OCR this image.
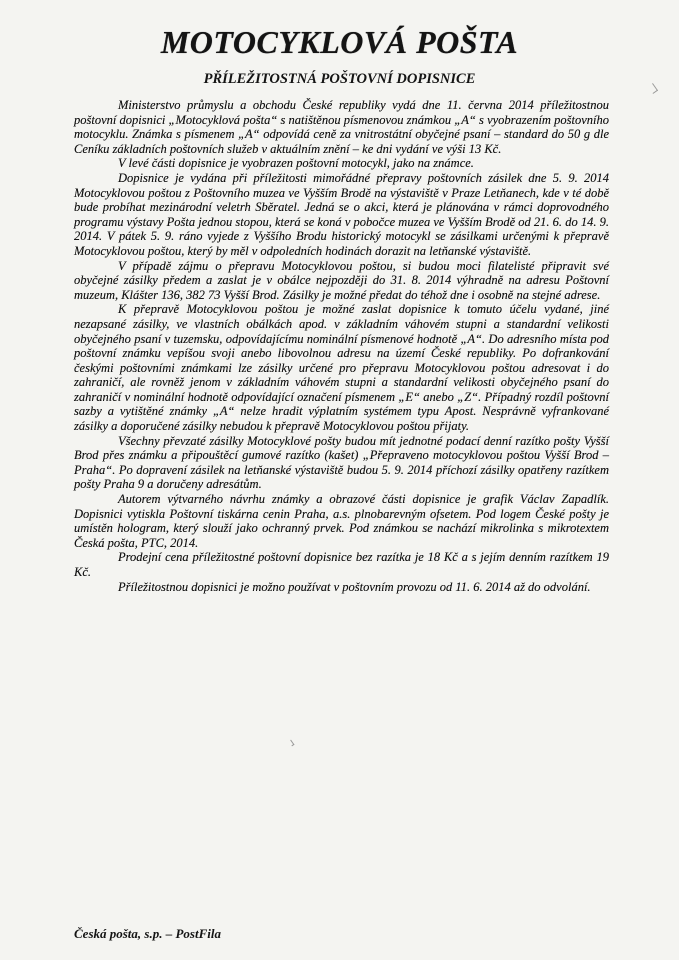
MOTOCYKLOVÁ POŠTA
PŘÍLEŽITOSTNÁ POŠTOVNÍ DOPISNICE

Ministerstvo průmyslu a obchodu České republiky vydá dne 11. června 2014 příležitostnou poštovní dopisnici „Motocyklová pošta“ s natištěnou písmenovou známkou „A“ s vyobrazením poštovního motocyklu. Známka s písmenem „A“ odpovídá ceně za vnitrostátní obyčejné psaní – standard do 50 g dle Ceníku základních poštovních služeb v aktuálním znění – ke dni vydání ve výši 13 Kč.

V levé části dopisnice je vyobrazen poštovní motocykl, jako na známce.

Dopisnice je vydána při příležitosti mimořádné přepravy poštovních zásilek dne 5. 9. 2014 Motocyklovou poštou z Poštovního muzea ve Vyšším Brodě na výstaviště v Praze Letňanech, kde v té době bude probíhat mezinárodní veletrh Sběratel. Jedná se o akci, která je plánována v rámci doprovodného programu výstavy Pošta jednou stopou, která se koná v pobočce muzea ve Vyšším Brodě od 21. 6. do 14. 9. 2014. V pátek 5. 9. ráno vyjede z Vyššího Brodu historický motocykl se zásilkami určenými k přepravě Motocyklovou poštou, který by měl v odpoledních hodinách dorazit na letňanské výstaviště.

V případě zájmu o přepravu Motocyklovou poštou, si budou moci filatelisté připravit své obyčejné zásilky předem a zaslat je v obálce nejpozději do 31. 8. 2014 výhradně na adresu Poštovní muzeum, Klášter 136, 382 73 Vyšší Brod. Zásilky je možné předat do téhož dne i osobně na stejné adrese.

K přepravě Motocyklovou poštou je možné zaslat dopisnice k tomuto účelu vydané, jiné nezapsané zásilky, ve vlastních obálkách apod. v základním váhovém stupni a standardní velikosti obyčejného psaní v tuzemsku, odpovídajícímu nominální písmenové hodnotě „A“. Do adresního místa pod poštovní známku vepíšou svoji anebo libovolnou adresu na území České republiky. Po dofrankování českými poštovními známkami lze zásilky určené pro přepravu Motocyklovou poštou adresovat i do zahraničí, ale rovněž jenom v základním váhovém stupni a standardní velikosti obyčejného psaní do zahraničí v nominální hodnotě odpovídající označení písmenem „E“ anebo „Z“. Případný rozdíl poštovní sazby a vytištěné známky „A“ nelze hradit výplatním systémem typu Apost. Nesprávně vyfrankované zásilky a doporučené zásilky nebudou k přepravě Motocyklovou poštou přijaty.

Všechny převzaté zásilky Motocyklové pošty budou mít jednotné podací denní razítko pošty Vyšší Brod přes známku a připouštěcí gumové razítko (kašet) „Přepraveno motocyklovou poštou Vyšší Brod – Praha“. Po dopravení zásilek na letňanské výstaviště budou 5. 9. 2014 příchozí zásilky opatřeny razítkem pošty Praha 9 a doručeny adresátům.

Autorem výtvarného návrhu známky a obrazové části dopisnice je grafik Václav Zapadlík. Dopisnici vytiskla Poštovní tiskárna cenin Praha, a.s. plnobarevným ofsetem. Pod logem České pošty je umístěn hologram, který slouží jako ochranný prvek. Pod známkou se nachází mikrolinka s mikrotextem Česká pošta, PTC, 2014.

Prodejní cena příležitostné poštovní dopisnice bez razítka je 18 Kč a s jejím denním razítkem 19 Kč.

Příležitostnou dopisnici je možno používat v poštovním provozu od 11. 6. 2014 až do odvolání.

Česká pošta, s.p. – PostFila
